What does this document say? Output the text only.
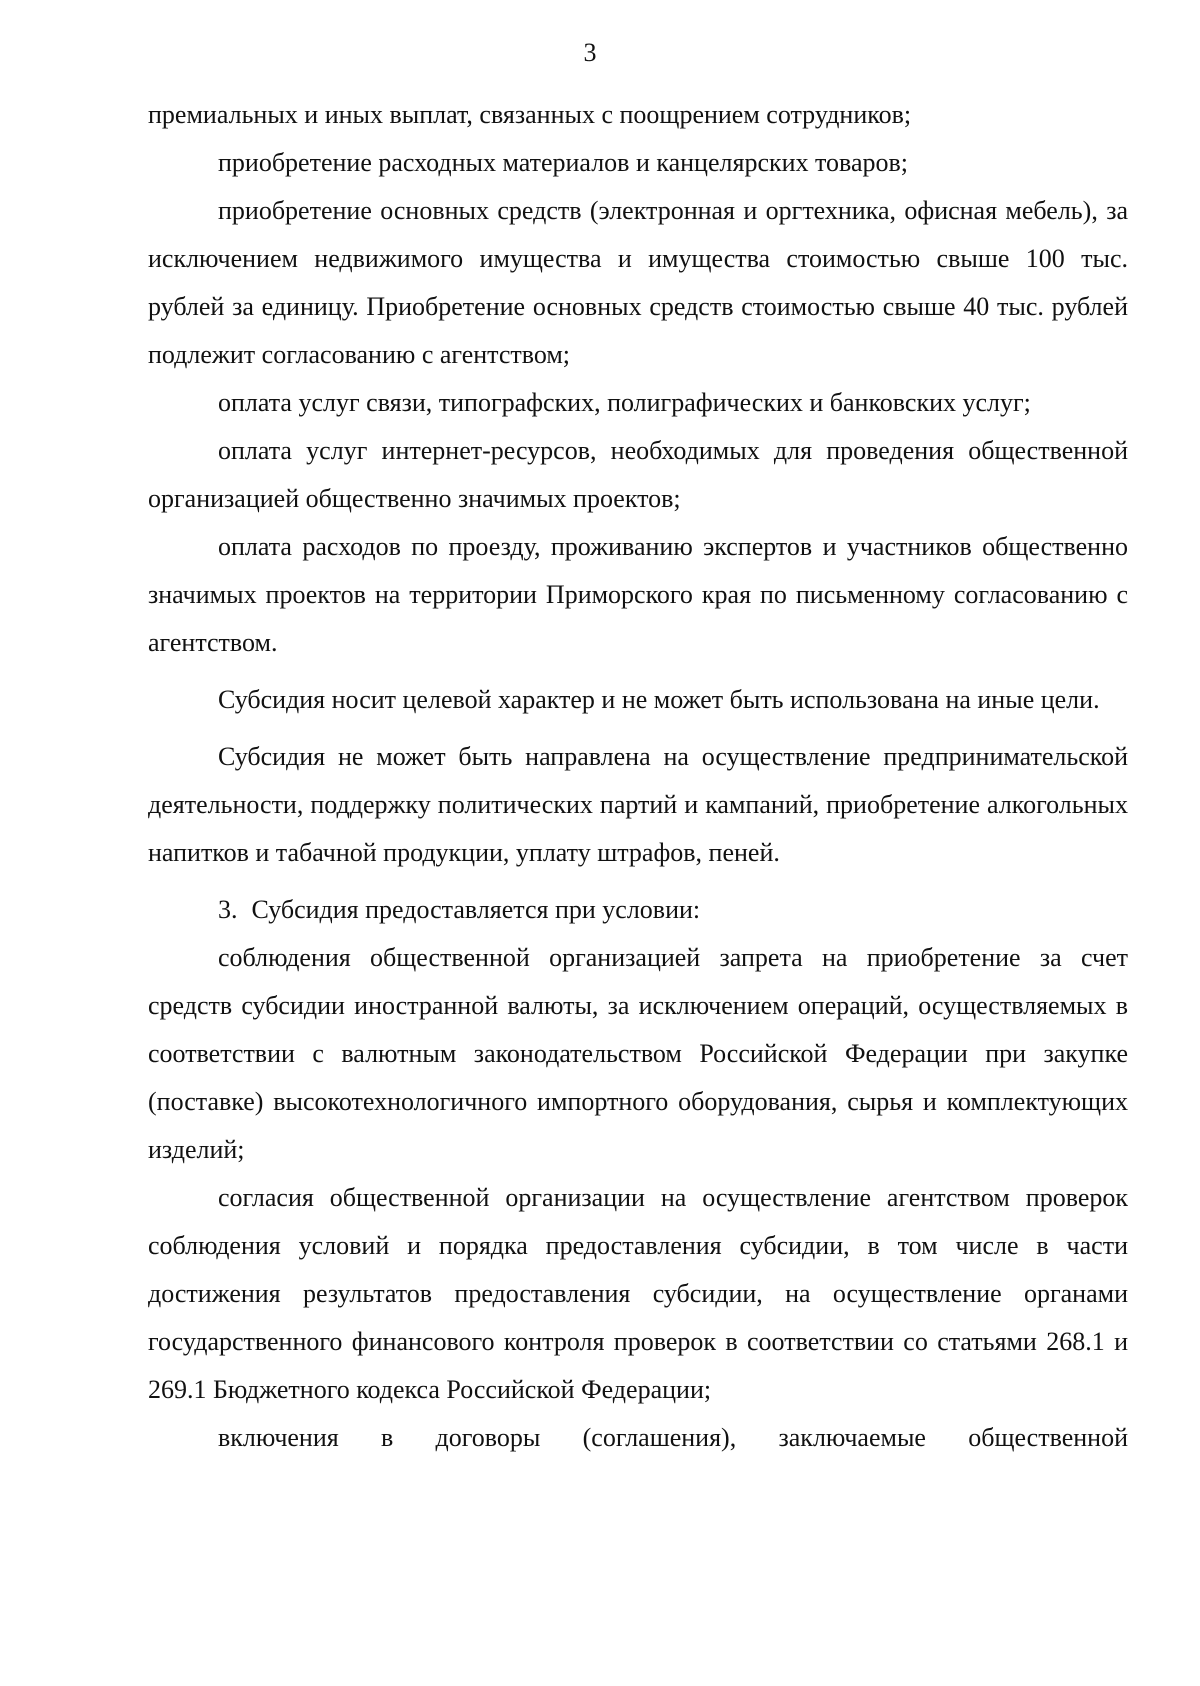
3

премиальных и иных выплат, связанных с поощрением сотрудников;

приобретение расходных материалов и канцелярских товаров;

приобретение основных средств (электронная и оргтехника, офисная мебель), за исключением недвижимого имущества и имущества стоимостью свыше 100 тыс. рублей за единицу. Приобретение основных средств стоимостью свыше 40 тыс. рублей подлежит согласованию с агентством;

оплата услуг связи, типографских, полиграфических и банковских услуг;

оплата услуг интернет-ресурсов, необходимых для проведения общественной организацией общественно значимых проектов;

оплата расходов по проезду, проживанию экспертов и участников общественно значимых проектов на территории Приморского края по письменному согласованию с агентством.

Субсидия носит целевой характер и не может быть использована на иные цели.

Субсидия не может быть направлена на осуществление предпринимательской деятельности, поддержку политических партий и кампаний, приобретение алкогольных напитков и табачной продукции, уплату штрафов, пеней.

3. Субсидия предоставляется при условии:

соблюдения общественной организацией запрета на приобретение за счет средств субсидии иностранной валюты, за исключением операций, осуществляемых в соответствии с валютным законодательством Российской Федерации при закупке (поставке) высокотехнологичного импортного оборудования, сырья и комплектующих изделий;

согласия общественной организации на осуществление агентством проверок соблюдения условий и порядка предоставления субсидии, в том числе в части достижения результатов предоставления субсидии, на осуществление органами государственного финансового контроля проверок в соответствии со статьями 268.1 и 269.1 Бюджетного кодекса Российской Федерации;

включения в договоры (соглашения), заключаемые общественной
